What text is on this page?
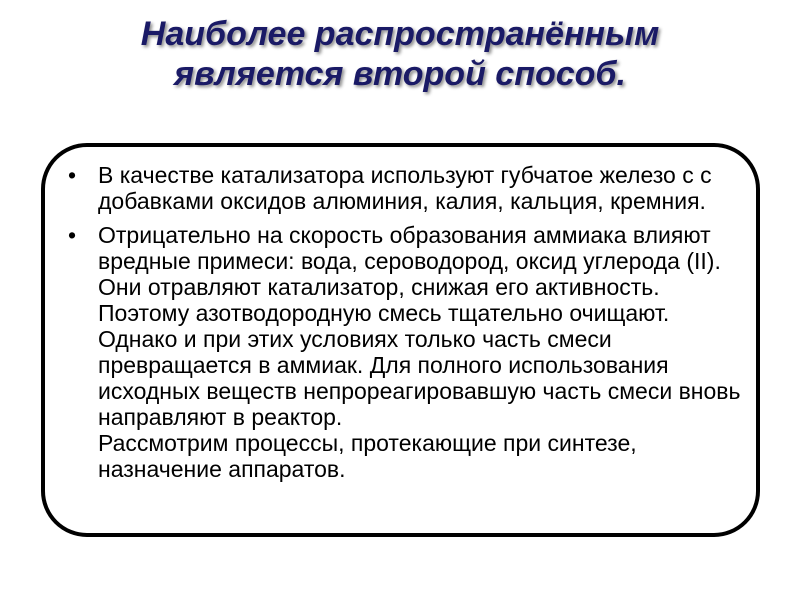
Наиболее распространённым
является второй способ.
• В качестве катализатора используют губчатое железо с с добавками оксидов алюминия, калия, кальция, кремния.
• Отрицательно на скорость образования аммиака влияют вредные примеси: вода, сероводород, оксид углерода (II). Они отравляют катализатор, снижая его активность. Поэтому азотводородную смесь тщательно очищают. Однако и при этих условиях только часть смеси превращается в аммиак. Для полного использования исходных веществ непрореагировавшую часть смеси вновь направляют в реактор.
Рассмотрим процессы, протекающие при синтезе, назначение аппаратов.
